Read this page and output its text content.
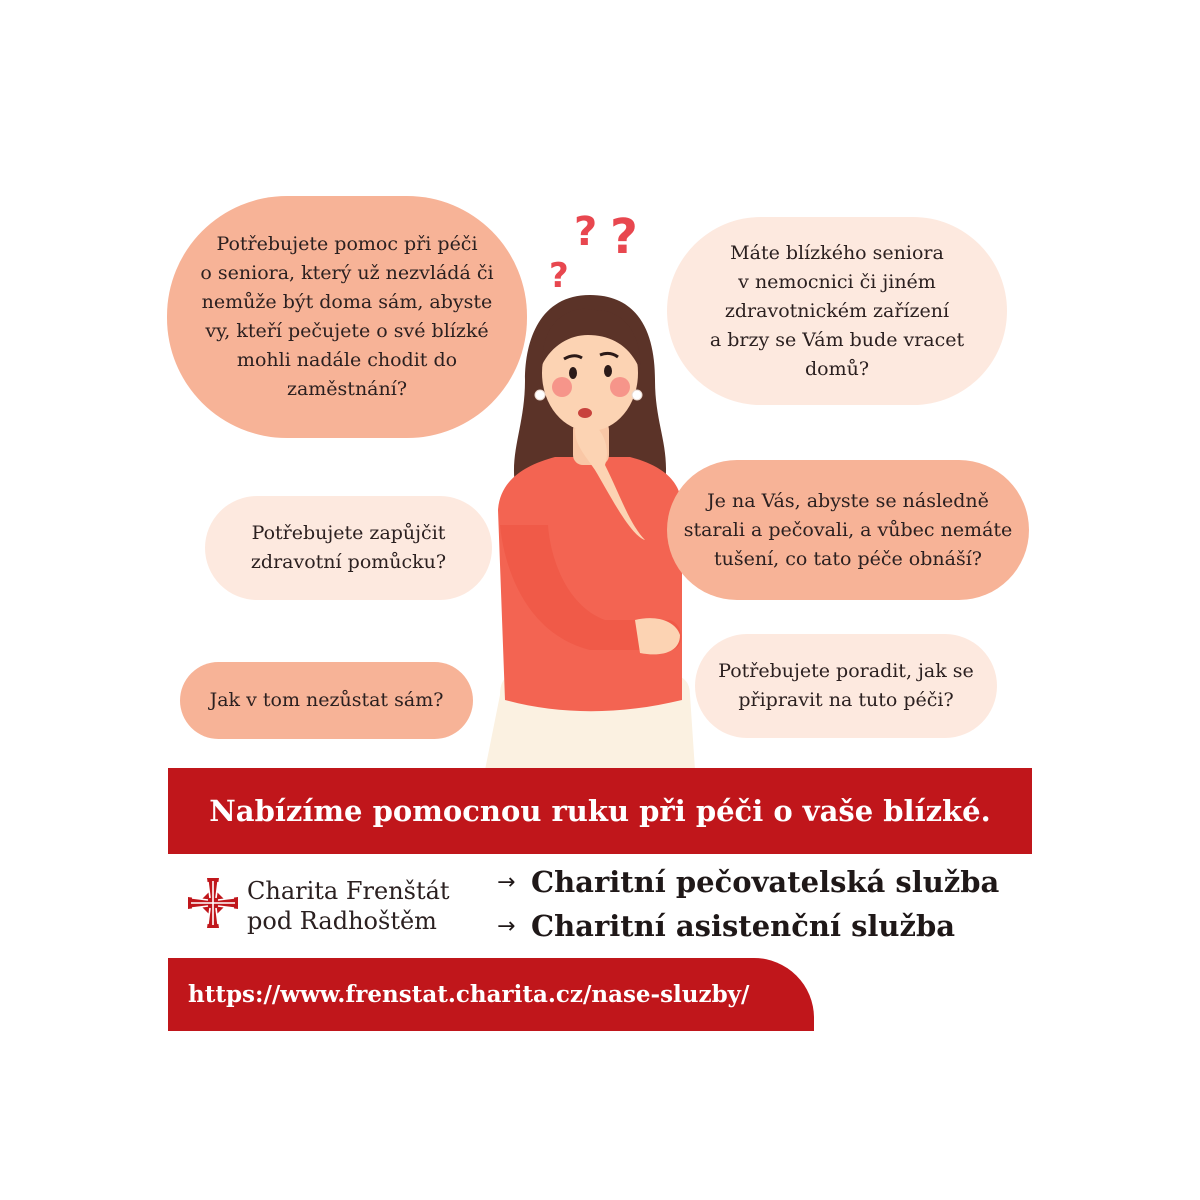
?
? ?
Potřebujete pomoc při péči
o seniora, který už nezvládá či
nemůže být doma sám, abyste
vy, kteří pečujete o své blízké
mohli nadále chodit do
zaměstnání?
Máte blízkého seniora
v nemocnici či jiném
zdravotnickém zařízení
a brzy se Vám bude vracet
domů?
Potřebujete zapůjčit
zdravotní pomůcku?
Je na Vás, abyste se následně
starali a pečovali, a vůbec nemáte
tušení, co tato péče obnáší?
Jak v tom nezůstat sám?
Potřebujete poradit, jak se
připravit na tuto péči?
Nabízíme pomocnou ruku při péči o vaše blízké.
Charita Frenštát
pod Radhoštěm
→ Charitní pečovatelská služba
→ Charitní asistenční služba
https://www.frenstat.charita.cz/nase-sluzby/
